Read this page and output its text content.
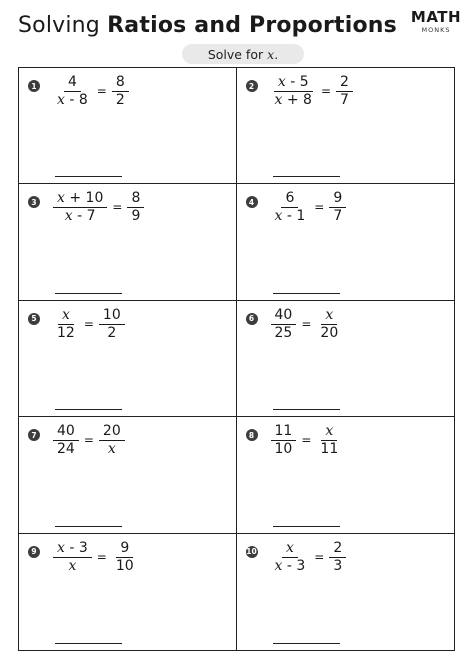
Solving Ratios and Proportions
Solve for x.
MATH
MONKS
$1 \frac{4}{x - 8} = \frac{8}{2}$	$2 \frac{x - 5}{x + 8} = \frac{2}{7}$
$3 \frac{x + 10}{x - 7} = \frac{8}{9}$	$4 \frac{6}{x - 1} = \frac{9}{7}$
$5 \frac{x}{12} = \frac{10}{2}$	$6 \frac{40}{25} = \frac{x}{20}$
$7 \frac{40}{24} = \frac{20}{x}$	$8 \frac{11}{10} = \frac{x}{11}$
$9 \frac{x - 3}{x} = \frac{9}{10}$	$10 \frac{x}{x - 3} = \frac{2}{3}$
